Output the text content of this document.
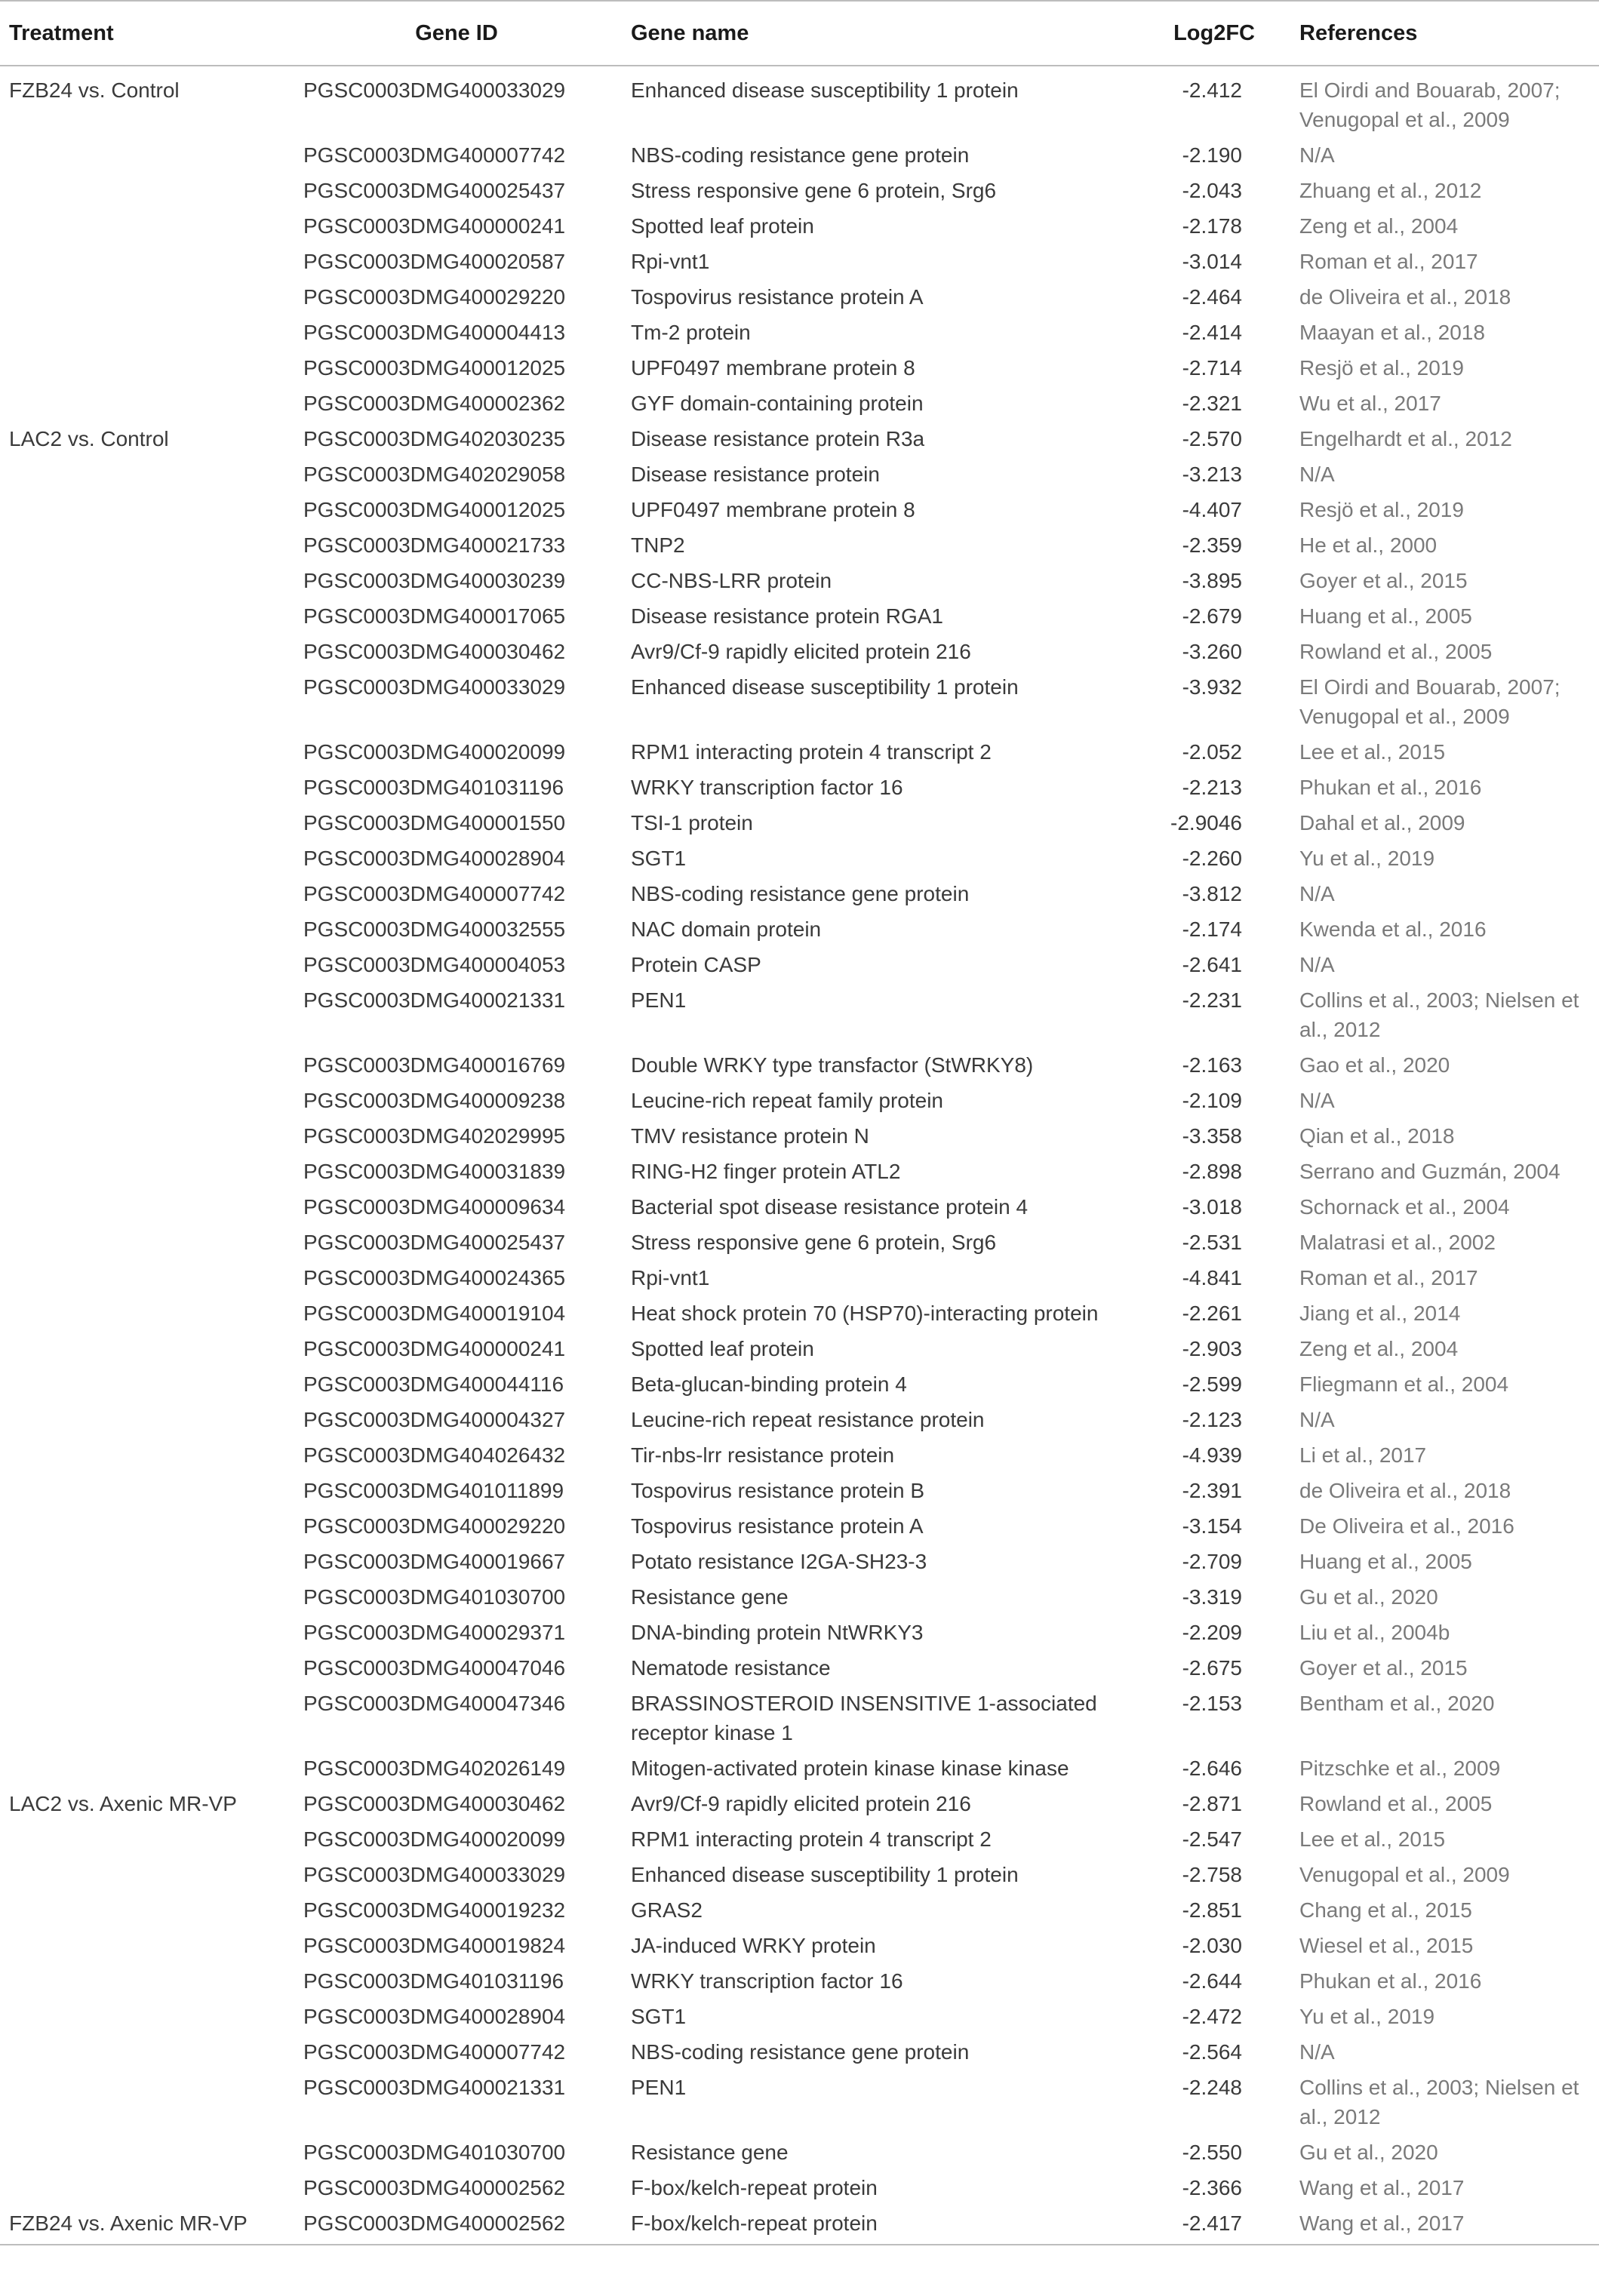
Treatment	Gene ID	Gene name	Log2FC	References
FZB24 vs. Control	PGSC0003DMG400033029	Enhanced disease susceptibility 1 protein	-2.412	El Oirdi and Bouarab, 2007; Venugopal et al., 2009
	PGSC0003DMG400007742	NBS-coding resistance gene protein	-2.190	N/A
	PGSC0003DMG400025437	Stress responsive gene 6 protein, Srg6	-2.043	Zhuang et al., 2012
	PGSC0003DMG400000241	Spotted leaf protein	-2.178	Zeng et al., 2004
	PGSC0003DMG400020587	Rpi-vnt1	-3.014	Roman et al., 2017
	PGSC0003DMG400029220	Tospovirus resistance protein A	-2.464	de Oliveira et al., 2018
	PGSC0003DMG400004413	Tm-2 protein	-2.414	Maayan et al., 2018
	PGSC0003DMG400012025	UPF0497 membrane protein 8	-2.714	Resjö et al., 2019
	PGSC0003DMG400002362	GYF domain-containing protein	-2.321	Wu et al., 2017
LAC2 vs. Control	PGSC0003DMG402030235	Disease resistance protein R3a	-2.570	Engelhardt et al., 2012
	PGSC0003DMG402029058	Disease resistance protein	-3.213	N/A
	PGSC0003DMG400012025	UPF0497 membrane protein 8	-4.407	Resjö et al., 2019
	PGSC0003DMG400021733	TNP2	-2.359	He et al., 2000
	PGSC0003DMG400030239	CC-NBS-LRR protein	-3.895	Goyer et al., 2015
	PGSC0003DMG400017065	Disease resistance protein RGA1	-2.679	Huang et al., 2005
	PGSC0003DMG400030462	Avr9/Cf-9 rapidly elicited protein 216	-3.260	Rowland et al., 2005
	PGSC0003DMG400033029	Enhanced disease susceptibility 1 protein	-3.932	El Oirdi and Bouarab, 2007; Venugopal et al., 2009
	PGSC0003DMG400020099	RPM1 interacting protein 4 transcript 2	-2.052	Lee et al., 2015
	PGSC0003DMG401031196	WRKY transcription factor 16	-2.213	Phukan et al., 2016
	PGSC0003DMG400001550	TSI-1 protein	-2.9046	Dahal et al., 2009
	PGSC0003DMG400028904	SGT1	-2.260	Yu et al., 2019
	PGSC0003DMG400007742	NBS-coding resistance gene protein	-3.812	N/A
	PGSC0003DMG400032555	NAC domain protein	-2.174	Kwenda et al., 2016
	PGSC0003DMG400004053	Protein CASP	-2.641	N/A
	PGSC0003DMG400021331	PEN1	-2.231	Collins et al., 2003; Nielsen et al., 2012
	PGSC0003DMG400016769	Double WRKY type transfactor (StWRKY8)	-2.163	Gao et al., 2020
	PGSC0003DMG400009238	Leucine-rich repeat family protein	-2.109	N/A
	PGSC0003DMG402029995	TMV resistance protein N	-3.358	Qian et al., 2018
	PGSC0003DMG400031839	RING-H2 finger protein ATL2	-2.898	Serrano and Guzmán, 2004
	PGSC0003DMG400009634	Bacterial spot disease resistance protein 4	-3.018	Schornack et al., 2004
	PGSC0003DMG400025437	Stress responsive gene 6 protein, Srg6	-2.531	Malatrasi et al., 2002
	PGSC0003DMG400024365	Rpi-vnt1	-4.841	Roman et al., 2017
	PGSC0003DMG400019104	Heat shock protein 70 (HSP70)-interacting protein	-2.261	Jiang et al., 2014
	PGSC0003DMG400000241	Spotted leaf protein	-2.903	Zeng et al., 2004
	PGSC0003DMG400044116	Beta-glucan-binding protein 4	-2.599	Fliegmann et al., 2004
	PGSC0003DMG400004327	Leucine-rich repeat resistance protein	-2.123	N/A
	PGSC0003DMG404026432	Tir-nbs-lrr resistance protein	-4.939	Li et al., 2017
	PGSC0003DMG401011899	Tospovirus resistance protein B	-2.391	de Oliveira et al., 2018
	PGSC0003DMG400029220	Tospovirus resistance protein A	-3.154	De Oliveira et al., 2016
	PGSC0003DMG400019667	Potato resistance I2GA-SH23-3	-2.709	Huang et al., 2005
	PGSC0003DMG401030700	Resistance gene	-3.319	Gu et al., 2020
	PGSC0003DMG400029371	DNA-binding protein NtWRKY3	-2.209	Liu et al., 2004b
	PGSC0003DMG400047046	Nematode resistance	-2.675	Goyer et al., 2015
	PGSC0003DMG400047346	BRASSINOSTEROID INSENSITIVE 1-associated receptor kinase 1	-2.153	Bentham et al., 2020
	PGSC0003DMG402026149	Mitogen-activated protein kinase kinase kinase	-2.646	Pitzschke et al., 2009
LAC2 vs. Axenic MR-VP	PGSC0003DMG400030462	Avr9/Cf-9 rapidly elicited protein 216	-2.871	Rowland et al., 2005
	PGSC0003DMG400020099	RPM1 interacting protein 4 transcript 2	-2.547	Lee et al., 2015
	PGSC0003DMG400033029	Enhanced disease susceptibility 1 protein	-2.758	Venugopal et al., 2009
	PGSC0003DMG400019232	GRAS2	-2.851	Chang et al., 2015
	PGSC0003DMG400019824	JA-induced WRKY protein	-2.030	Wiesel et al., 2015
	PGSC0003DMG401031196	WRKY transcription factor 16	-2.644	Phukan et al., 2016
	PGSC0003DMG400028904	SGT1	-2.472	Yu et al., 2019
	PGSC0003DMG400007742	NBS-coding resistance gene protein	-2.564	N/A
	PGSC0003DMG400021331	PEN1	-2.248	Collins et al., 2003; Nielsen et al., 2012
	PGSC0003DMG401030700	Resistance gene	-2.550	Gu et al., 2020
	PGSC0003DMG400002562	F-box/kelch-repeat protein	-2.366	Wang et al., 2017
FZB24 vs. Axenic MR-VP	PGSC0003DMG400002562	F-box/kelch-repeat protein	-2.417	Wang et al., 2017
